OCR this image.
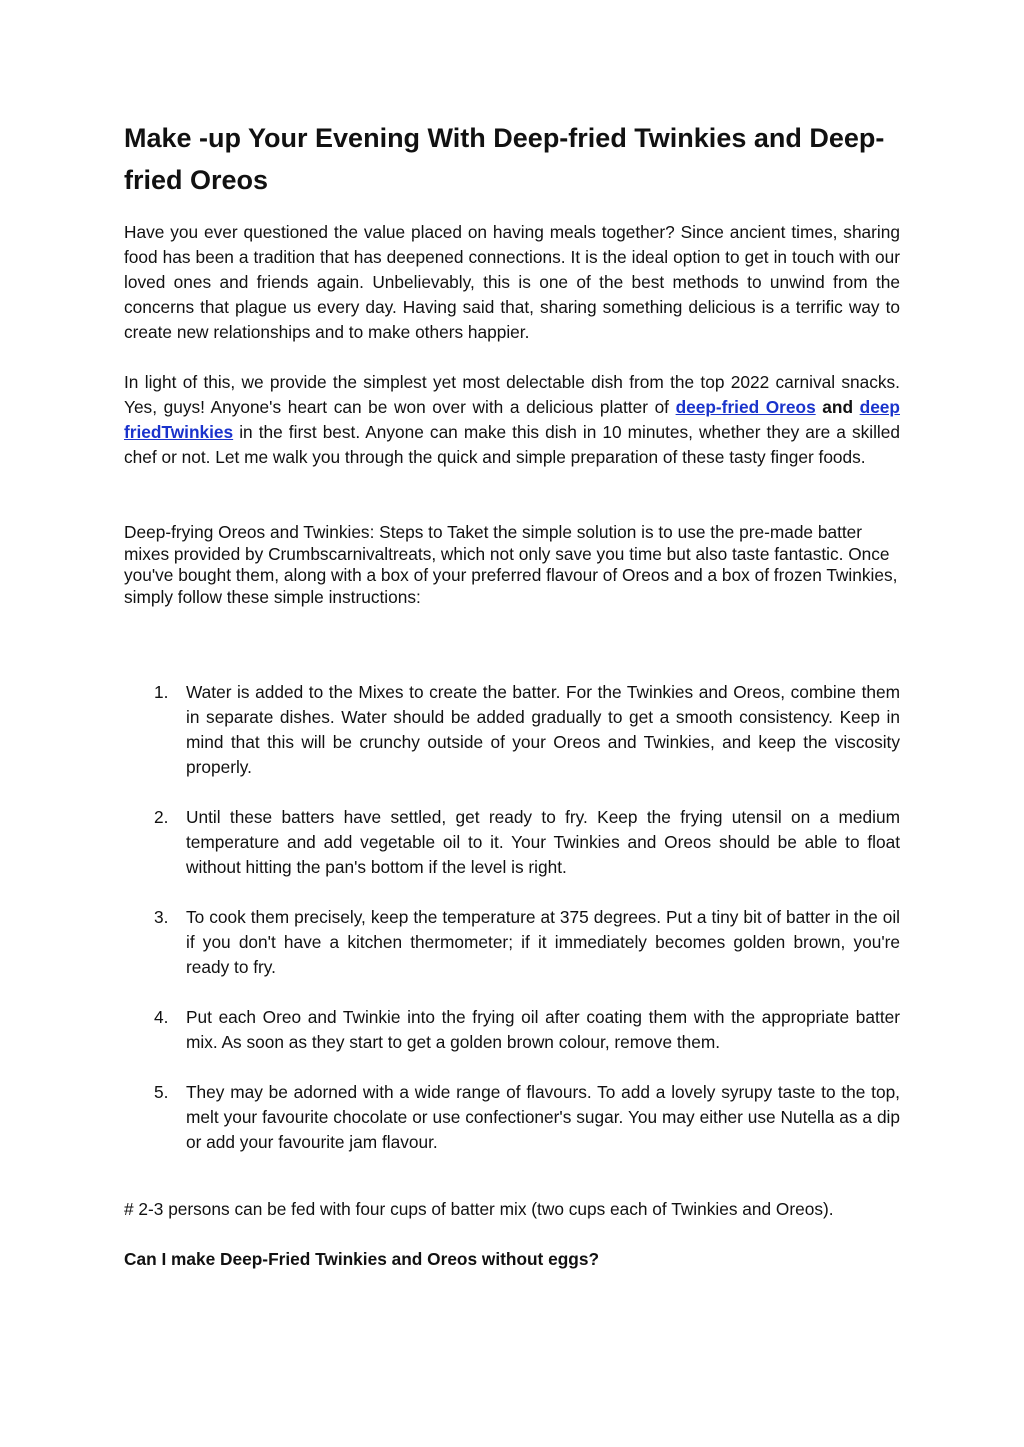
Make -up Your Evening With Deep-fried Twinkies and Deep-fried Oreos

Have you ever questioned the value placed on having meals together? Since ancient times, sharing food has been a tradition that has deepened connections. It is the ideal option to get in touch with our loved ones and friends again. Unbelievably, this is one of the best methods to unwind from the concerns that plague us every day. Having said that, sharing something delicious is a terrific way to create new relationships and to make others happier.

In light of this, we provide the simplest yet most delectable dish from the top 2022 carnival snacks. Yes, guys! Anyone's heart can be won over with a delicious platter of deep-fried Oreos and deep friedTwinkies in the first best. Anyone can make this dish in 10 minutes, whether they are a skilled chef or not. Let me walk you through the quick and simple preparation of these tasty finger foods.

Deep-frying Oreos and Twinkies: Steps to Taket the simple solution is to use the pre-made batter mixes provided by Crumbscarnivaltreats, which not only save you time but also taste fantastic. Once you've bought them, along with a box of your preferred flavour of Oreos and a box of frozen Twinkies, simply follow these simple instructions:

1. Water is added to the Mixes to create the batter. For the Twinkies and Oreos, combine them in separate dishes. Water should be added gradually to get a smooth consistency. Keep in mind that this will be crunchy outside of your Oreos and Twinkies, and keep the viscosity properly.
2. Until these batters have settled, get ready to fry. Keep the frying utensil on a medium temperature and add vegetable oil to it. Your Twinkies and Oreos should be able to float without hitting the pan's bottom if the level is right.
3. To cook them precisely, keep the temperature at 375 degrees. Put a tiny bit of batter in the oil if you don't have a kitchen thermometer; if it immediately becomes golden brown, you're ready to fry.
4. Put each Oreo and Twinkie into the frying oil after coating them with the appropriate batter mix. As soon as they start to get a golden brown colour, remove them.
5. They may be adorned with a wide range of flavours. To add a lovely syrupy taste to the top, melt your favourite chocolate or use confectioner's sugar. You may either use Nutella as a dip or add your favourite jam flavour.

# 2-3 persons can be fed with four cups of batter mix (two cups each of Twinkies and Oreos).

Can I make Deep-Fried Twinkies and Oreos without eggs?
